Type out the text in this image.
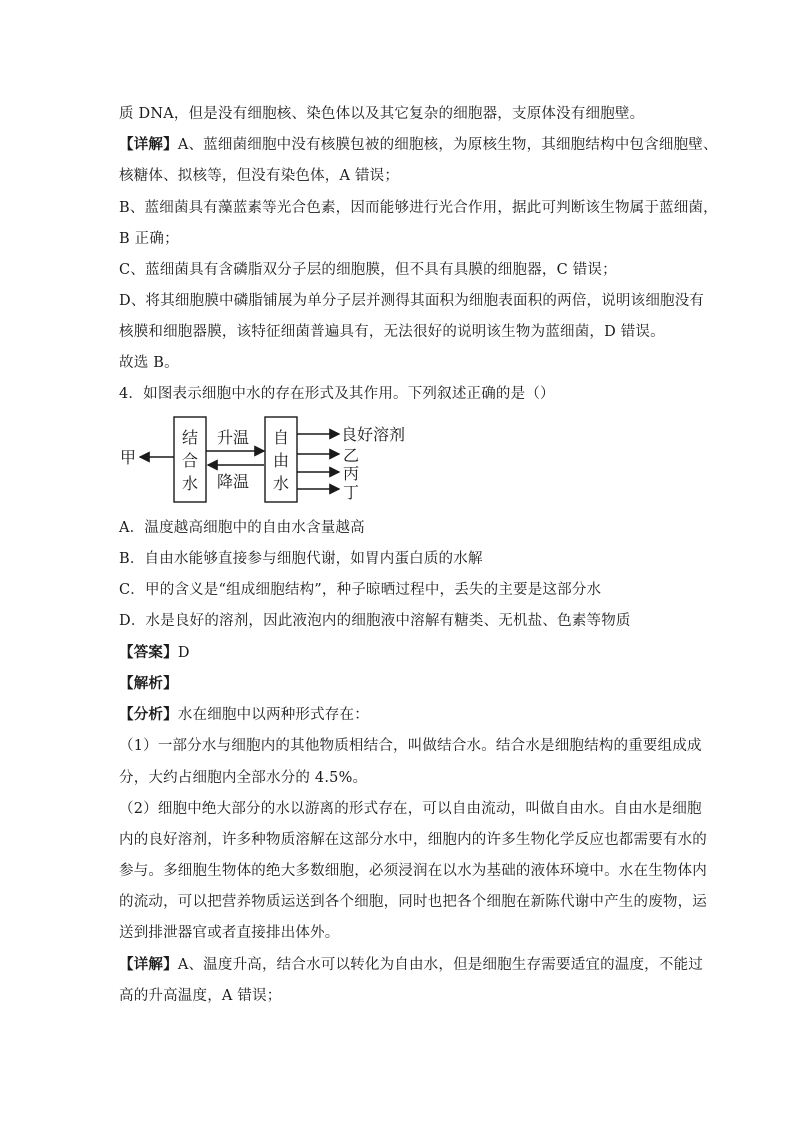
质 DNA，但是没有细胞核、染色体以及其它复杂的细胞器，支原体没有细胞壁。
【详解】A、蓝细菌细胞中没有核膜包被的细胞核，为原核生物，其细胞结构中包含细胞壁、
核糖体、拟核等，但没有染色体，A 错误；
B、蓝细菌具有藻蓝素等光合色素，因而能够进行光合作用，据此可判断该生物属于蓝细菌，
B 正确；
C、蓝细菌具有含磷脂双分子层的细胞膜，但不具有具膜的细胞器，C 错误；
D、将其细胞膜中磷脂铺展为单分子层并测得其面积为细胞表面积的两倍，说明该细胞没有
核膜和细胞器膜，该特征细菌普遍具有，无法很好的说明该生物为蓝细菌，D 错误。
故选 B。
4．如图表示细胞中水的存在形式及其作用。下列叙述正确的是（）
甲
结
合
水
升温
降温
自
由
水
良好溶剂
乙
丙
丁
A．温度越高细胞中的自由水含量越高
B．自由水能够直接参与细胞代谢，如胃内蛋白质的水解
C．甲的含义是“组成细胞结构”，种子晾晒过程中，丢失的主要是这部分水
D．水是良好的溶剂，因此液泡内的细胞液中溶解有糖类、无机盐、色素等物质
【答案】D
【解析】
【分析】水在细胞中以两种形式存在：
（1）一部分水与细胞内的其他物质相结合，叫做结合水。结合水是细胞结构的重要组成成
分，大约占细胞内全部水分的 4.5%。
（2）细胞中绝大部分的水以游离的形式存在，可以自由流动，叫做自由水。自由水是细胞
内的良好溶剂，许多种物质溶解在这部分水中，细胞内的许多生物化学反应也都需要有水的
参与。多细胞生物体的绝大多数细胞，必须浸润在以水为基础的液体环境中。水在生物体内
的流动，可以把营养物质运送到各个细胞，同时也把各个细胞在新陈代谢中产生的废物，运
送到排泄器官或者直接排出体外。
【详解】A、温度升高，结合水可以转化为自由水，但是细胞生存需要适宜的温度，不能过
高的升高温度，A 错误；
